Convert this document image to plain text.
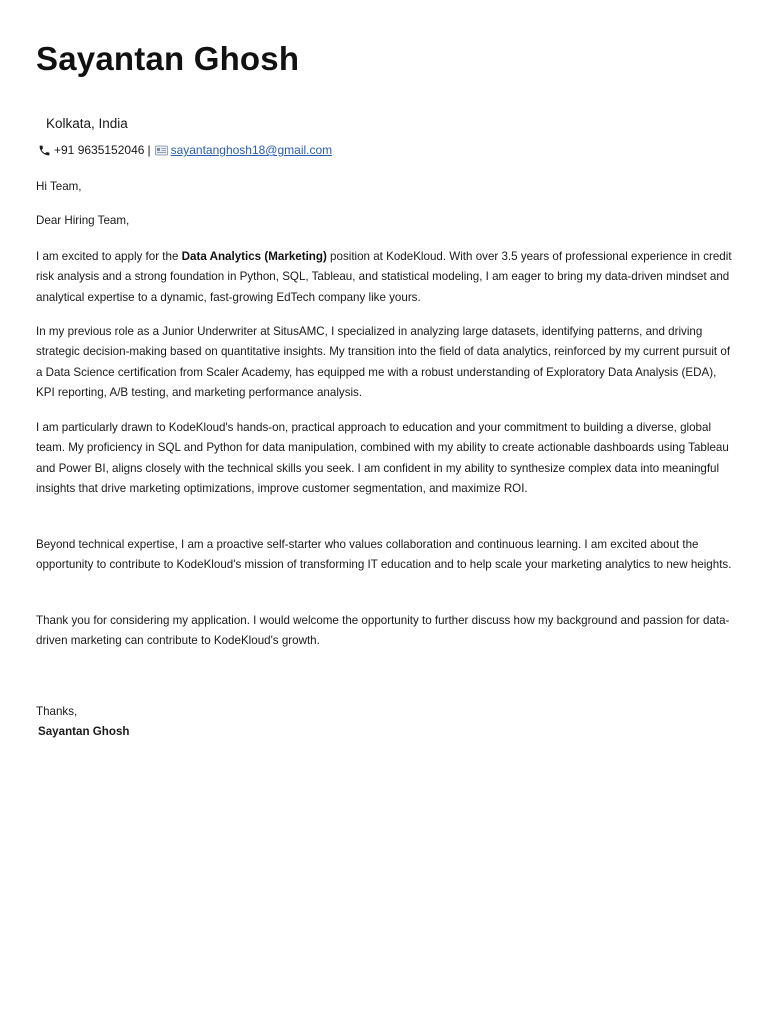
Sayantan Ghosh
Kolkata, India
+91 9635152046 | sayantanghosh18@gmail.com

Hi Team,

Dear Hiring Team,

I am excited to apply for the Data Analytics (Marketing) position at KodeKloud. With over 3.5 years of professional experience in credit risk analysis and a strong foundation in Python, SQL, Tableau, and statistical modeling, I am eager to bring my data-driven mindset and analytical expertise to a dynamic, fast-growing EdTech company like yours.

In my previous role as a Junior Underwriter at SitusAMC, I specialized in analyzing large datasets, identifying patterns, and driving strategic decision-making based on quantitative insights. My transition into the field of data analytics, reinforced by my current pursuit of a Data Science certification from Scaler Academy, has equipped me with a robust understanding of Exploratory Data Analysis (EDA), KPI reporting, A/B testing, and marketing performance analysis.

I am particularly drawn to KodeKloud's hands-on, practical approach to education and your commitment to building a diverse, global team. My proficiency in SQL and Python for data manipulation, combined with my ability to create actionable dashboards using Tableau and Power BI, aligns closely with the technical skills you seek. I am confident in my ability to synthesize complex data into meaningful insights that drive marketing optimizations, improve customer segmentation, and maximize ROI.

Beyond technical expertise, I am a proactive self-starter who values collaboration and continuous learning. I am excited about the opportunity to contribute to KodeKloud's mission of transforming IT education and to help scale your marketing analytics to new heights.

Thank you for considering my application. I would welcome the opportunity to further discuss how my background and passion for data-driven marketing can contribute to KodeKloud's growth.

Thanks,

Sayantan Ghosh
